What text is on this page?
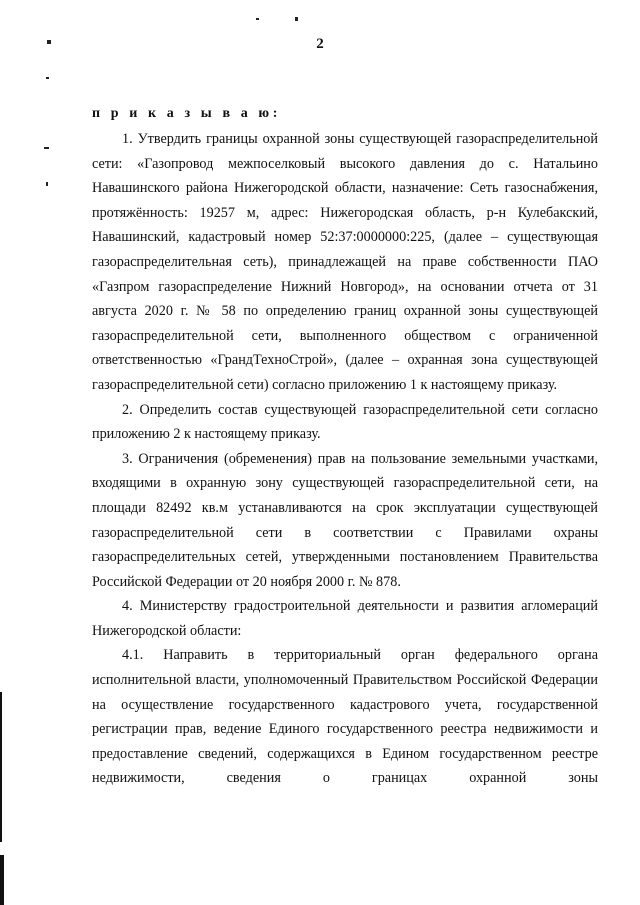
2
п р и к а з ы в а ю:

1. Утвердить границы охранной зоны существующей газораспределительной сети: «Газопровод межпоселковый высокого давления до с. Натальино Навашинского района Нижегородской области, назначение: Сеть газоснабжения, протяжённость: 19257 м, адрес: Нижегородская область, р-н Кулебакский, Навашинский, кадастровый номер 52:37:0000000:225, (далее – существующая газораспределительная сеть), принадлежащей на праве собственности ПАО «Газпром газораспределение Нижний Новгород», на основании отчета от 31 августа 2020 г. № 58 по определению границ охранной зоны существующей газораспределительной сети, выполненного обществом с ограниченной ответственностью «ГрандТехноСтрой», (далее – охранная зона существующей газораспределительной сети) согласно приложению 1 к настоящему приказу.

2. Определить состав существующей газораспределительной сети согласно приложению 2 к настоящему приказу.

3. Ограничения (обременения) прав на пользование земельными участками, входящими в охранную зону существующей газораспределительной сети, на площади 82492 кв.м устанавливаются на срок эксплуатации существующей газораспределительной сети в соответствии с Правилами охраны газораспределительных сетей, утвержденными постановлением Правительства Российской Федерации от 20 ноября 2000 г. № 878.

4. Министерству градостроительной деятельности и развития агломераций Нижегородской области:

4.1. Направить в территориальный орган федерального органа исполнительной власти, уполномоченный Правительством Российской Федерации на осуществление государственного кадастрового учета, государственной регистрации прав, ведение Единого государственного реестра недвижимости и предоставление сведений, содержащихся в Едином государственном реестре недвижимости, сведения о границах охранной зоны
